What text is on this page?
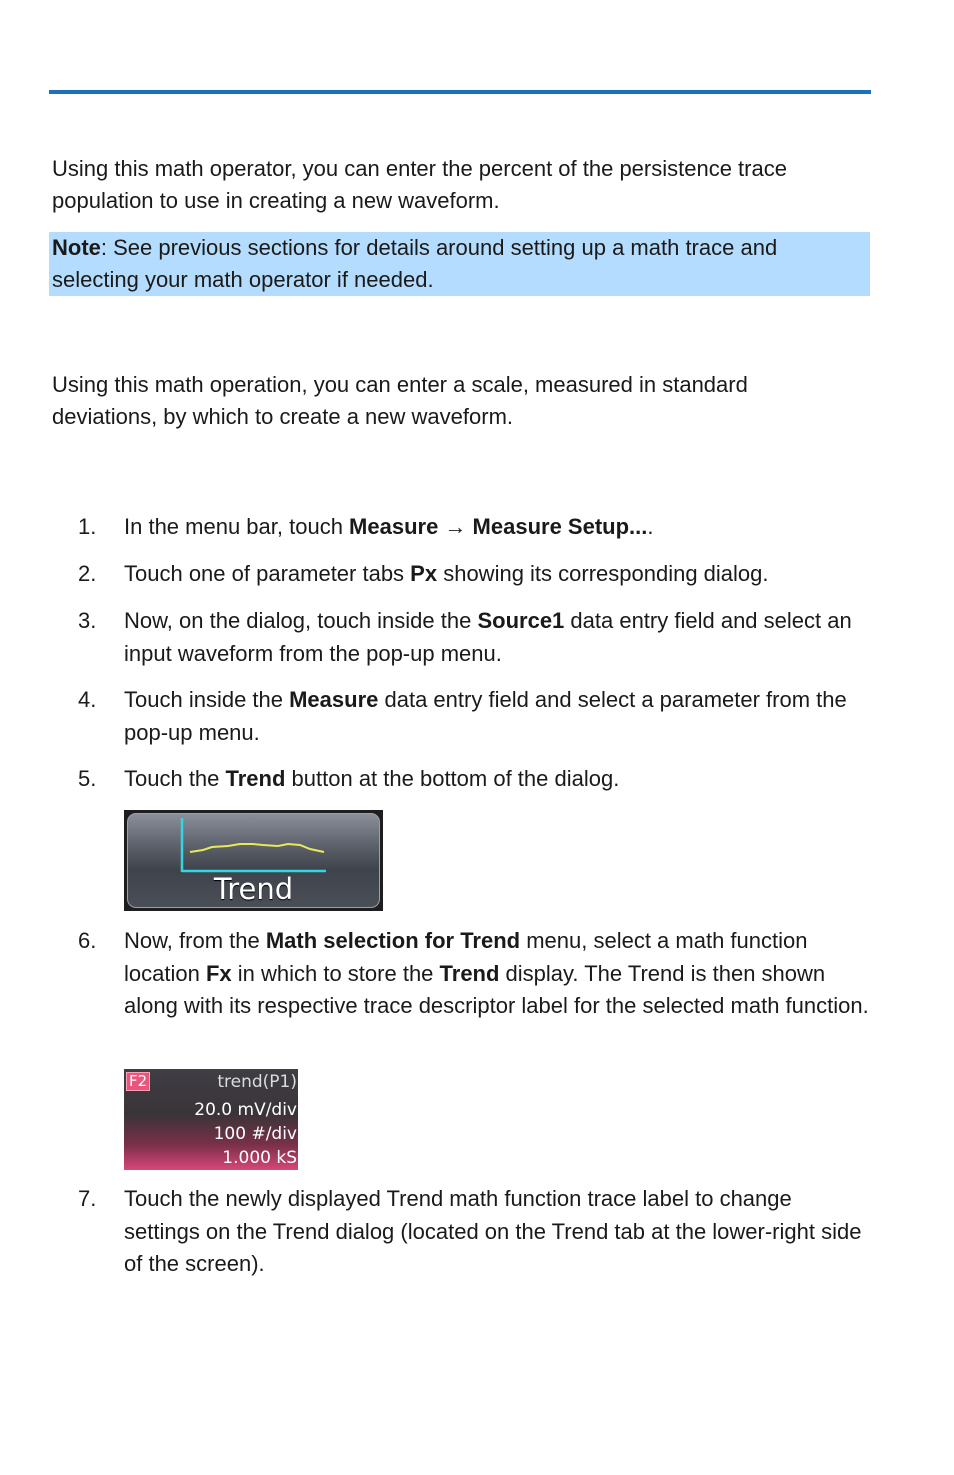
Using this math operator, you can enter the percent of the persistence trace population to use in creating a new waveform.

Note: See previous sections for details around setting up a math trace and selecting your math operator if needed.

Using this math operation, you can enter a scale, measured in standard deviations, by which to create a new waveform.

1.	In the menu bar, touch Measure → Measure Setup....
2.	Touch one of parameter tabs Px showing its corresponding dialog.
3.	Now, on the dialog, touch inside the Source1 data entry field and select an input waveform from the pop-up menu.
4.	Touch inside the Measure data entry field and select a parameter from the pop-up menu.
5.	Touch the Trend button at the bottom of the dialog.
Trend
6.	Now, from the Math selection for Trend menu, select a math function location Fx in which to store the Trend display. The Trend is then shown along with its respective trace descriptor label for the selected math function.
F2	trend(P1)
20.0 mV/div
100 #/div
1.000 kS
7.	Touch the newly displayed Trend math function trace label to change settings on the Trend dialog (located on the Trend tab at the lower-right side of the screen).
